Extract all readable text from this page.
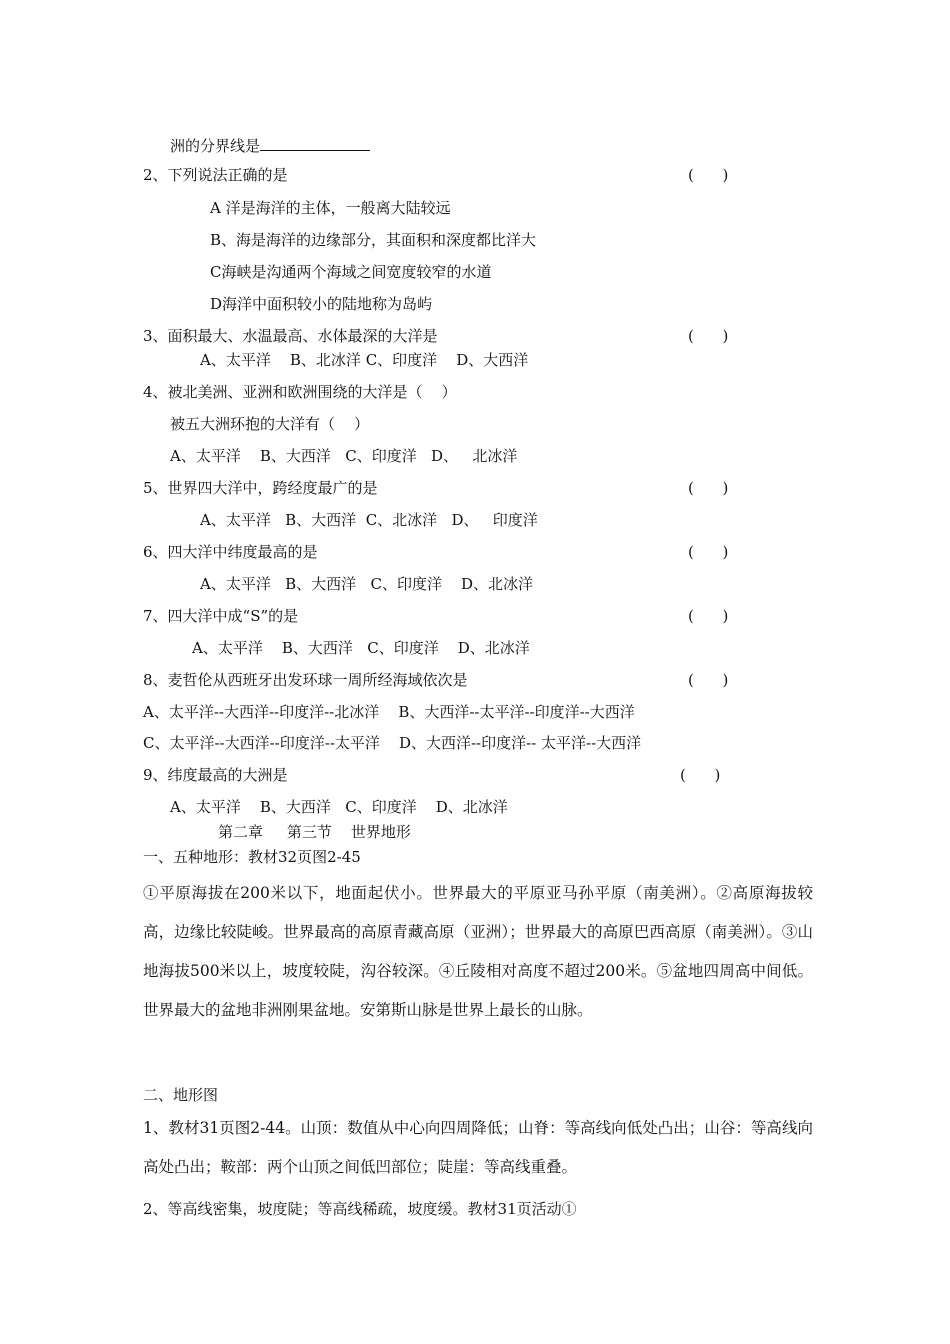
洲的分界线是
2、下列说法正确的是	(      )
A 洋是海洋的主体，一般离大陆较远
B、海是海洋的边缘部分，其面积和深度都比洋大
C海峡是沟通两个海域之间宽度较窄的水道
D海洋中面积较小的陆地称为岛屿
3、面积最大、水温最高、水体最深的大洋是	(      )
A、太平洋    B、北冰洋 C、印度洋    D、大西洋
4、被北美洲、亚洲和欧洲围绕的大洋是（    ）
被五大洲环抱的大洋有（    ）
A、太平洋    B、大西洋   C、印度洋   D、   北冰洋
5、世界四大洋中，跨经度最广的是	(      )
A、太平洋   B、大西洋  C、北冰洋   D、   印度洋
6、四大洋中纬度最高的是	(      )
A、太平洋   B、大西洋   C、印度洋    D、北冰洋
7、四大洋中成“S”的是	(      )
A、太平洋    B、大西洋   C、印度洋    D、北冰洋
8、麦哲伦从西班牙出发环球一周所经海域依次是	(      )
A、太平洋--大西洋--印度洋--北冰洋    B、大西洋--太平洋--印度洋--大西洋
C、太平洋--大西洋--印度洋--太平洋    D、大西洋--印度洋-- 太平洋--大西洋
9、纬度最高的大洲是	(      )
A、太平洋    B、大西洋   C、印度洋    D、北冰洋
第二章     第三节    世界地形
一、五种地形：教材32页图2-45
①平原海拔在200米以下，地面起伏小。世界最大的平原亚马孙平原（南美洲）。②高原海拔较高，边缘比较陡峻。世界最高的高原青藏高原（亚洲）；世界最大的高原巴西高原（南美洲）。③山地海拔500米以上，坡度较陡，沟谷较深。④丘陵相对高度不超过200米。⑤盆地四周高中间低。世界最大的盆地非洲刚果盆地。安第斯山脉是世界上最长的山脉。
二、地形图
1、教材31页图2-44。山顶：数值从中心向四周降低；山脊：等高线向低处凸出；山谷：等高线向高处凸出；鞍部：两个山顶之间低凹部位；陡崖：等高线重叠。
2、等高线密集，坡度陡；等高线稀疏，坡度缓。教材31页活动①
